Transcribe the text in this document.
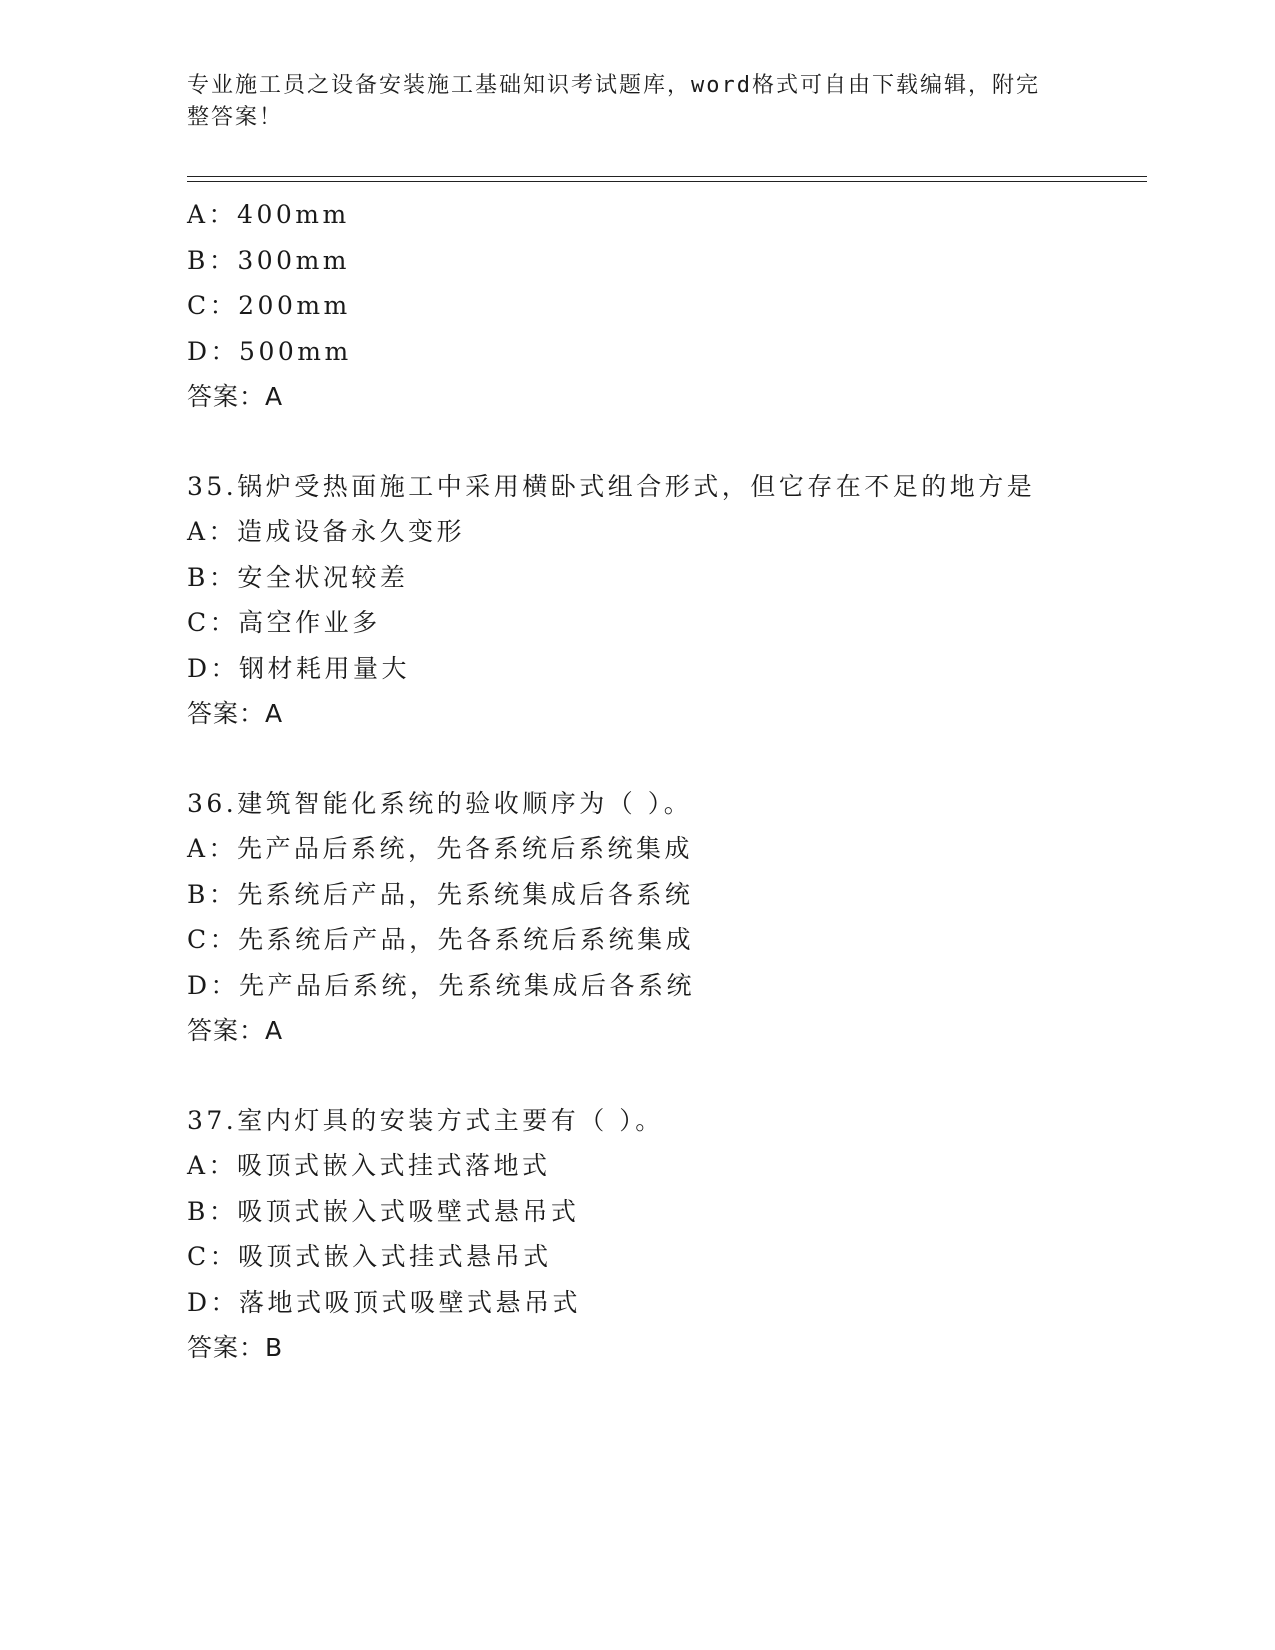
专业施工员之设备安装施工基础知识考试题库，word格式可自由下载编辑，附完
整答案！
A：400mm
B：300mm
C：200mm
D：500mm
答案：A
35.锅炉受热面施工中采用横卧式组合形式，但它存在不足的地方是
A：造成设备永久变形
B：安全状况较差
C：高空作业多
D：钢材耗用量大
答案：A
36.建筑智能化系统的验收顺序为（ ）。
A：先产品后系统，先各系统后系统集成
B：先系统后产品，先系统集成后各系统
C：先系统后产品，先各系统后系统集成
D：先产品后系统，先系统集成后各系统
答案：A
37.室内灯具的安装方式主要有（ ）。
A：吸顶式嵌入式挂式落地式
B：吸顶式嵌入式吸壁式悬吊式
C：吸顶式嵌入式挂式悬吊式
D：落地式吸顶式吸壁式悬吊式
答案：B
